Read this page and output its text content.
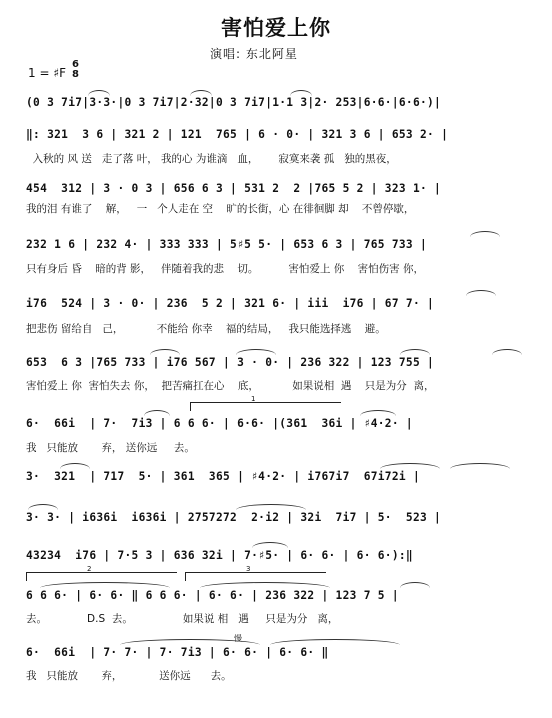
害怕爱上你
演唱: 东北阿星
1 = ♯F
6
8
(0 3 7i7|3·3·|0 3 7i7|2·32|0 3 7i7|1·1 3|2· 253|6·6·|6·6·)|
‖: 321  3 6 | 321 2 | 121  765 | 6 · 0· | 321 3 6 | 653 2· |
入秋的 风 送   走了落 叶， 我的心 为谁滴   血，      寂寞来袭 孤   独的黑夜，
454  312 | 3 · 0 3 | 656 6 3 | 531 2  2 |765 5 2 | 323 1· |
我的泪 有谁了    解，   一   个人走在 空    旷的长街，心 在徘徊脚 却    不曾停歇，
232 1 6 | 232 4· | 333 333 | 5♯5 5· | 653 6 3 | 765 733 |
只有身后 昏    暗的背 影，   伴随着我的悲    切。         害怕爱上 你    害怕伤害 你，
i76  524 | 3 · 0· | 236  5 2 | 321 6· | iii  i76 | 67 7· |
把悲伤 留给自   己，          不能给 你幸    福的结局，   我只能选择逃    避。
653  6 3 |765 733 | i76 567 | 3 · 0· | 236 322 | 123 755 |
害怕爱上 你  害怕失去 你，  把苦痛扛在心    底，          如果说相  遇    只是为分  离，
1
6·  66i  | 7·  7i3 | 6 6 6· | 6·6· |(361  36i | ♯4·2· |
我   只能放       弃， 送你远     去。
3·  321  | 717  5· | 361  365 | ♯4·2· | i767i7  67i72i |
3· 3· | i636i  i636i | 2757272  2·i2 | 32i  7i7 | 5·  523 |
43234  i76 | 7·5 3 | 636 32i | 7·♯5· | 6· 6· | 6· 6·):‖
2	3
6 6 6· | 6· 6· ‖ 6 6 6· | 6· 6· | 236 322 | 123 7 5 |
去。            D.S  去。               如果说 相   遇     只是为分   离，
慢
6·  66i  | 7· 7· | 7· 7i3 | 6· 6· | 6· 6· ‖
我   只能放       弃，           送你远      去。
